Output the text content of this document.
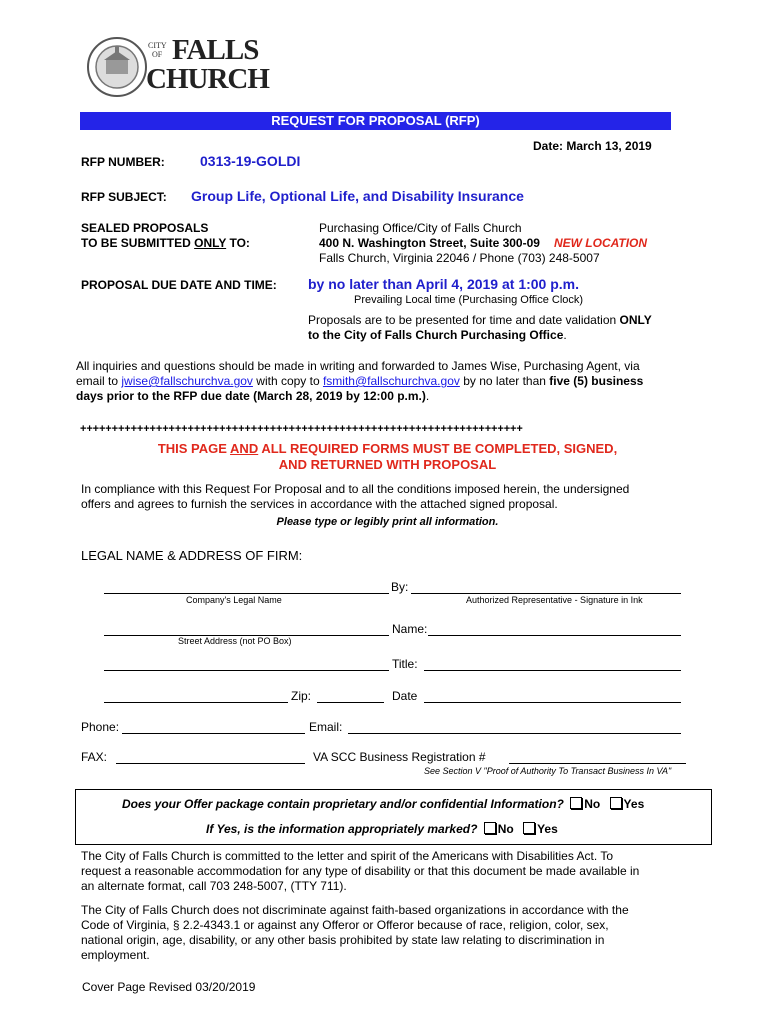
CITY
OF FALLS
CHURCH
REQUEST FOR PROPOSAL (RFP)
Date: March 13, 2019
RFP NUMBER:	0313-19-GOLDI
RFP SUBJECT: Group Life, Optional Life, and Disability Insurance
SEALED PROPOSALS
TO BE SUBMITTED ONLY TO:
Purchasing Office/City of Falls Church
400 N. Washington Street, Suite 300-09 NEW LOCATION
Falls Church, Virginia 22046 / Phone (703) 248-5007
PROPOSAL DUE DATE AND TIME: by no later than April 4, 2019 at 1:00 p.m.
Prevailing Local time (Purchasing Office Clock)
Proposals are to be presented for time and date validation ONLY
to the City of Falls Church Purchasing Office.
All inquiries and questions should be made in writing and forwarded to James Wise, Purchasing Agent, via
email to jwise@fallschurchva.gov with copy to fsmith@fallschurchva.gov by no later than five (5) business
days prior to the RFP due date (March 28, 2019 by 12:00 p.m.).
++++++++++++++++++++++++++++++++++++++++++++++++++++++++++++++++++++++
THIS PAGE AND ALL REQUIRED FORMS MUST BE COMPLETED, SIGNED,
AND RETURNED WITH PROPOSAL
In compliance with this Request For Proposal and to all the conditions imposed herein, the undersigned
offers and agrees to furnish the services in accordance with the attached signed proposal.
Please type or legibly print all information.
LEGAL NAME & ADDRESS OF FIRM:
By:
Company's Legal Name	Authorized Representative - Signature in Ink
Name:
Street Address (not PO Box)
Title:
Zip:	Date
Phone:	Email:
FAX:	VA SCC Business Registration #
See Section V "Proof of Authority To Transact Business In VA"
Does your Offer package contain proprietary and/or confidential Information? No Yes
If Yes, is the information appropriately marked? No Yes
The City of Falls Church is committed to the letter and spirit of the Americans with Disabilities Act. To
request a reasonable accommodation for any type of disability or that this document be made available in
an alternate format, call 703 248-5007, (TTY 711).
The City of Falls Church does not discriminate against faith-based organizations in accordance with the
Code of Virginia, § 2.2-4343.1 or against any Offeror or Offeror because of race, religion, color, sex,
national origin, age, disability, or any other basis prohibited by state law relating to discrimination in
employment.
Cover Page Revised 03/20/2019
